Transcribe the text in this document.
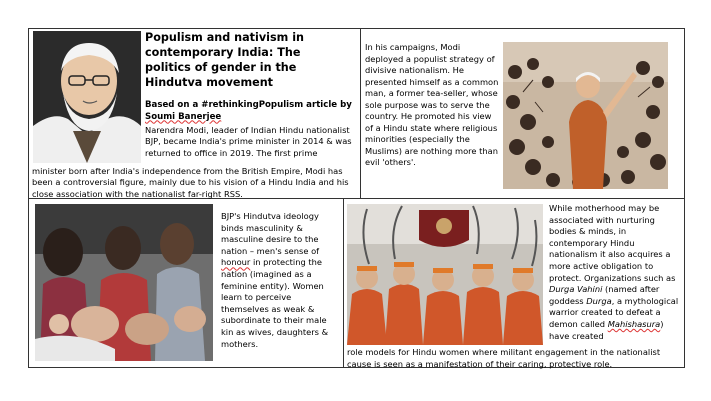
Populism and nativism in contemporary India: The politics of gender in the Hindutva movement
Based on a #rethinkingPopulism article by Soumi Banerjee
Narendra Modi, leader of Indian Hindu nationalist BJP, became India's prime minister in 2014 & was returned to office in 2019. The first prime
minister born after India's independence from the British Empire, Modi has been a controversial figure, mainly due to his vision of a Hindu India and his close association with the nationalist far-right RSS.
In his campaigns, Modi deployed a populist strategy of divisive nationalism. He presented himself as a common man, a former tea-seller, whose sole purpose was to serve the country. He promoted his view of a Hindu state where religious minorities (especially the Muslims) are nothing more than evil 'others'.
BJP's Hindutva ideology binds masculinity & masculine desire to the nation – men's sense of honour in protecting the nation (imagined as a feminine entity). Women learn to perceive themselves as weak & subordinate to their male kin as wives, daughters & mothers.
While motherhood may be associated with nurturing bodies & minds, in contemporary Hindu nationalism it also acquires a more active obligation to protect. Organizations such as Durga Vahini (named after goddess Durga, a mythological warrior created to defeat a demon called Mahishasura) have created
role models for Hindu women where militant engagement in the nationalist cause is seen as a manifestation of their caring, protective role.
